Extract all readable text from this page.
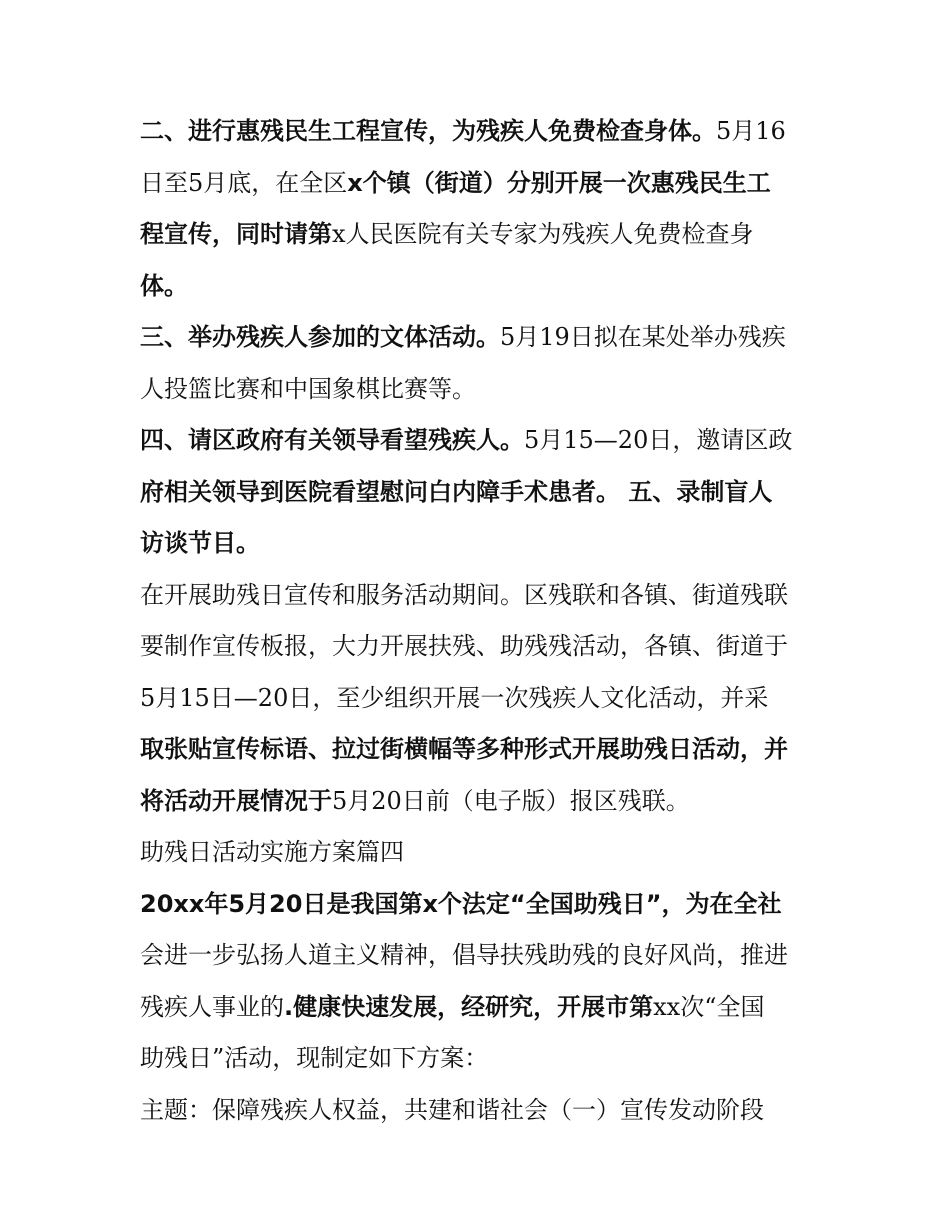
二、进行惠残民生工程宣传，为残疾人免费检查身体。5月16
日至5月底，在全区x个镇（街道）分别开展一次惠残民生工
程宣传，同时请第x人民医院有关专家为残疾人免费检查身
体。
三、举办残疾人参加的文体活动。5月19日拟在某处举办残疾
人投篮比赛和中国象棋比赛等。
四、请区政府有关领导看望残疾人。5月15—20日，邀请区政
府相关领导到医院看望慰问白内障手术患者。 五、录制盲人
访谈节目。
在开展助残日宣传和服务活动期间。区残联和各镇、街道残联
要制作宣传板报，大力开展扶残、助残残活动，各镇、街道于
5月15日—20日，至少组织开展一次残疾人文化活动，并采
取张贴宣传标语、拉过街横幅等多种形式开展助残日活动，并
将活动开展情况于5月20日前（电子版）报区残联。
助残日活动实施方案篇四
20xx年5月20日是我国第x个法定“全国助残日”，为在全社
会进一步弘扬人道主义精神，倡导扶残助残的良好风尚，推进
残疾人事业的.健康快速发展，经研究，开展市第xx次“全国
助残日”活动，现制定如下方案：
主题：保障残疾人权益，共建和谐社会（一）宣传发动阶段
